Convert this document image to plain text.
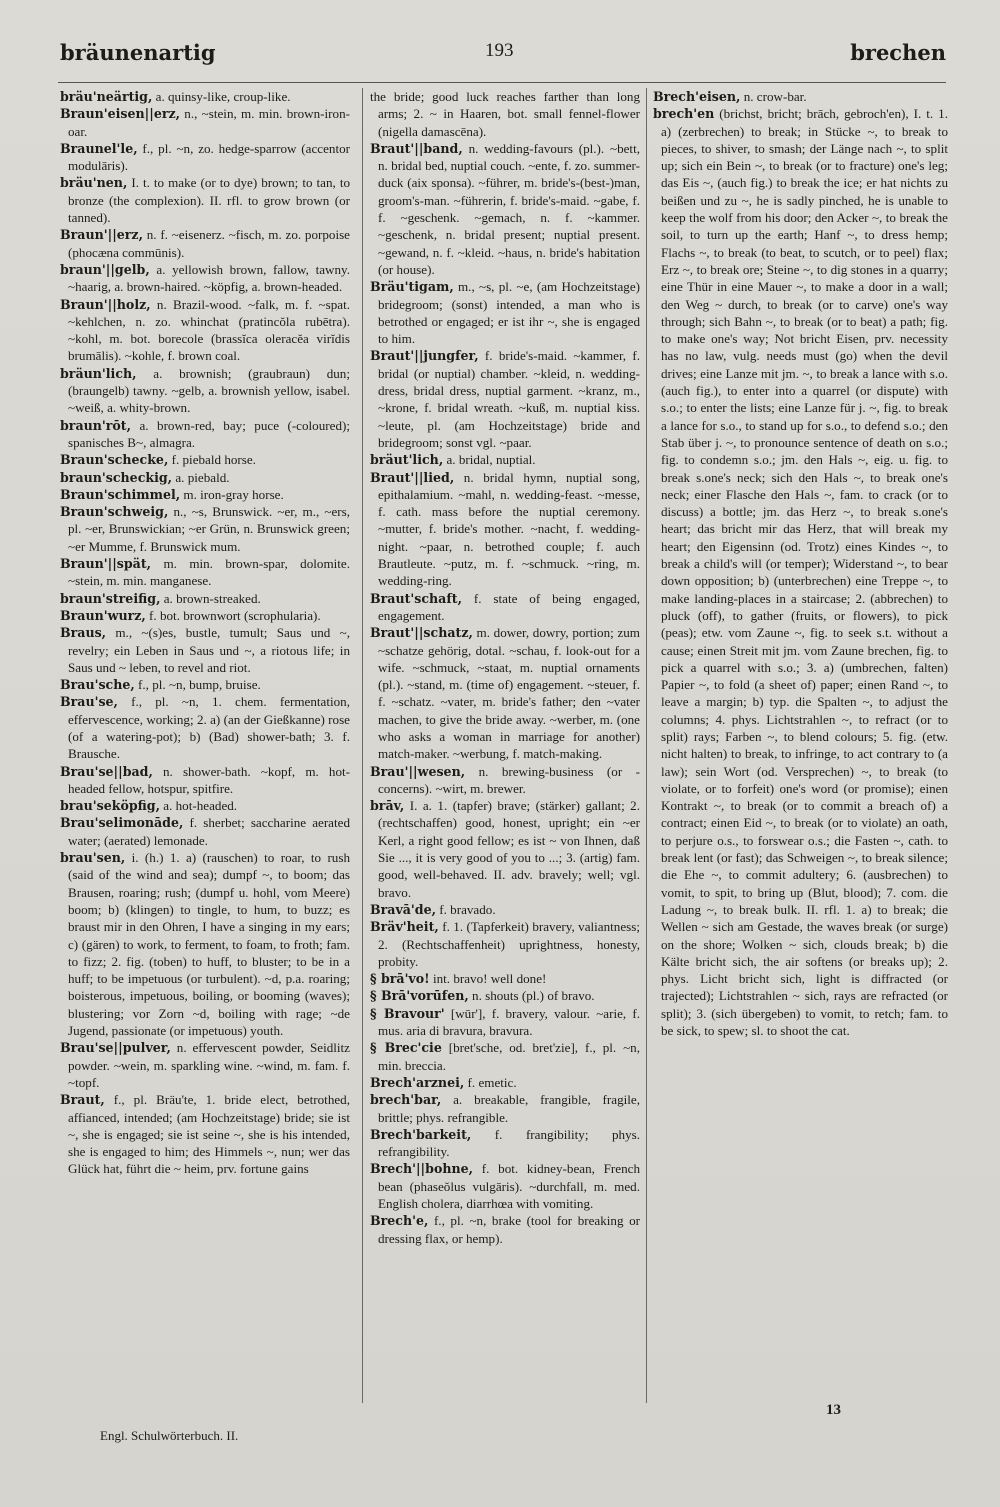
bräunenartig	193	brechen

bräu'neärtig, a. quinsy-like, croup-like.

Braun'eisen||erz, n., ~stein, m. min. brown-iron-oar.

Braunel'le, f., pl. ~n, zo. hedge-sparrow (accentor modulāris).

bräu'nen, I. t. to make (or to dye) brown; to tan, to bronze (the complexion). II. rfl. to grow brown (or tanned).

Braun'||erz, n. f. ~eisenerz. ~fisch, m. zo. porpoise (phocæna commūnis).

braun'||gelb, a. yellowish brown, fallow, tawny. ~haarig, a. brown-haired. ~köpfig, a. brown-headed.

Braun'||holz, n. Brazil-wood. ~falk, m. f. ~spat. ~kehlchen, n. zo. whinchat (pratincŏla rubētra). ~kohl, m. bot. borecole (brassĭca oleracĕa virĭdis brumālis). ~kohle, f. brown coal.

bräun'lich, a. brownish; (graubraun) dun; (braungelb) tawny. ~gelb, a. brownish yellow, isabel. ~weiß, a. whity-brown.

braun'rōt, a. brown-red, bay; puce (-coloured); spanisches B~, almagra.

Braun'schecke, f. piebald horse.

braun'scheckig, a. piebald.

Braun'schimmel, m. iron-gray horse.

Braun'schweig, n., ~s, Brunswick. ~er, m., ~ers, pl. ~er, Brunswickian; ~er Grün, n. Brunswick green; ~er Mumme, f. Brunswick mum.

Braun'||spät, m. min. brown-spar, dolomite. ~stein, m. min. manganese.

braun'streifig, a. brown-streaked.

Braun'wurz, f. bot. brownwort (scrophularia).

Braus, m., ~(s)es, bustle, tumult; Saus und ~, revelry; ein Leben in Saus und ~, a riotous life; in Saus und ~ leben, to revel and riot.

Brau'sche, f., pl. ~n, bump, bruise.

Brau'se, f., pl. ~n, 1. chem. fermentation, effervescence, working; 2. a) (an der Gießkanne) rose (of a watering-pot); b) (Bad) shower-bath; 3. f. Brausche.

Brau'se||bad, n. shower-bath. ~kopf, m. hot-headed fellow, hotspur, spitfire.

brau'seköpfig, a. hot-headed.

Brau'selimonāde, f. sherbet; saccharine aerated water; (aerated) lemonade.

brau'sen, i. (h.) 1. a) (rauschen) to roar, to rush (said of the wind and sea); dumpf ~, to boom; das Brausen, roaring; rush; (dumpf u. hohl, vom Meere) boom; b) (klingen) to tingle, to hum, to buzz; es braust mir in den Ohren, I have a singing in my ears; c) (gären) to work, to ferment, to foam, to froth; fam. to fizz; 2. fig. (toben) to huff, to bluster; to be in a huff; to be impetuous (or turbulent). ~d, p.a. roaring; boisterous, impetuous, boiling, or booming (waves); blustering; vor Zorn ~d, boiling with rage; ~de Jugend, passionate (or impetuous) youth.

Brau'se||pulver, n. effervescent powder, Seidlitz powder. ~wein, m. sparkling wine. ~wind, m. fam. f. ~topf.

Braut, f., pl. Bräu'te, 1. bride elect, betrothed, affianced, intended; (am Hochzeitstage) bride; sie ist ~, she is engaged; sie ist seine ~, she is his intended, she is engaged to him; des Himmels ~, nun; wer das Glück hat, führt die ~ heim, prv. fortune gains

the bride; good luck reaches farther than long arms; 2. ~ in Haaren, bot. small fennel-flower (nigella damascēna).

Braut'||band, n. wedding-favours (pl.). ~bett, n. bridal bed, nuptial couch. ~ente, f. zo. summer-duck (aix sponsa). ~führer, m. bride's-(best-)man, groom's-man. ~führerin, f. bride's-maid. ~gabe, f. f. ~geschenk. ~gemach, n. f. ~kammer. ~geschenk, n. bridal present; nuptial present. ~gewand, n. f. ~kleid. ~haus, n. bride's habitation (or house).

Bräu'tigam, m., ~s, pl. ~e, (am Hochzeitstage) bridegroom; (sonst) intended, a man who is betrothed or engaged; er ist ihr ~, she is engaged to him.

Braut'||jungfer, f. bride's-maid. ~kammer, f. bridal (or nuptial) chamber. ~kleid, n. wedding-dress, bridal dress, nuptial garment. ~kranz, m., ~krone, f. bridal wreath. ~kuß, m. nuptial kiss. ~leute, pl. (am Hochzeitstage) bride and bridegroom; sonst vgl. ~paar.

bräut'lich, a. bridal, nuptial.

Braut'||lied, n. bridal hymn, nuptial song, epithalamium. ~mahl, n. wedding-feast. ~messe, f. cath. mass before the nuptial ceremony. ~mutter, f. bride's mother. ~nacht, f. wedding-night. ~paar, n. betrothed couple; f. auch Brautleute. ~putz, m. f. ~schmuck. ~ring, m. wedding-ring.

Braut'schaft, f. state of being engaged, engagement.

Braut'||schatz, m. dower, dowry, portion; zum ~schatze gehörig, dotal. ~schau, f. look-out for a wife. ~schmuck, ~staat, m. nuptial ornaments (pl.). ~stand, m. (time of) engagement. ~steuer, f. f. ~schatz. ~vater, m. bride's father; den ~vater machen, to give the bride away. ~werber, m. (one who asks a woman in marriage for another) match-maker. ~werbung, f. match-making.

Brau'||wesen, n. brewing-business (or -concerns). ~wirt, m. brewer.

brāv, I. a. 1. (tapfer) brave; (stärker) gallant; 2. (rechtschaffen) good, honest, upright; ein ~er Kerl, a right good fellow; es ist ~ von Ihnen, daß Sie ..., it is very good of you to ...; 3. (artig) fam. good, well-behaved. II. adv. bravely; well; vgl. bravo.

Bravā'de, f. bravado.

Bräv'heit, f. 1. (Tapferkeit) bravery, valiantness; 2. (Rechtschaffenheit) uprightness, honesty, probity.

§ brā'vo! int. bravo! well done!

§ Brā'vorūfen, n. shouts (pl.) of bravo.

§ Bravour' [wūr'], f. bravery, valour. ~arie, f. mus. aria di bravura, bravura.

§ Brec'cie [bret'sche, od. bret'zie], f., pl. ~n, min. breccia.

Brech'arznei, f. emetic.

brech'bar, a. breakable, frangible, fragile, brittle; phys. refrangible.

Brech'barkeit, f. frangibility; phys. refrangibility.

Brech'||bohne, f. bot. kidney-bean, French bean (phaseŏlus vulgāris). ~durchfall, m. med. English cholera, diarrhœa with vomiting.

Brech'e, f., pl. ~n, brake (tool for breaking or dressing flax, or hemp).

Brech'eisen, n. crow-bar.

brech'en (brichst, bricht; brāch, gebroch'en), I. t. 1. a) (zerbrechen) to break; in Stücke ~, to break to pieces, to shiver, to smash; der Länge nach ~, to split up; sich ein Bein ~, to break (or to fracture) one's leg; das Eis ~, (auch fig.) to break the ice; er hat nichts zu beißen und zu ~, he is sadly pinched, he is unable to keep the wolf from his door; den Acker ~, to break the soil, to turn up the earth; Hanf ~, to dress hemp; Flachs ~, to break (to beat, to scutch, or to peel) flax; Erz ~, to break ore; Steine ~, to dig stones in a quarry; eine Thür in eine Mauer ~, to make a door in a wall; den Weg ~ durch, to break (or to carve) one's way through; sich Bahn ~, to break (or to beat) a path; fig. to make one's way; Not bricht Eisen, prv. necessity has no law, vulg. needs must (go) when the devil drives; eine Lanze mit jm. ~, to break a lance with s.o. (auch fig.), to enter into a quarrel (or dispute) with s.o.; to enter the lists; eine Lanze für j. ~, fig. to break a lance for s.o., to stand up for s.o., to defend s.o.; den Stab über j. ~, to pronounce sentence of death on s.o.; fig. to condemn s.o.; jm. den Hals ~, eig. u. fig. to break s.one's neck; sich den Hals ~, to break one's neck; einer Flasche den Hals ~, fam. to crack (or to discuss) a bottle; jm. das Herz ~, to break s.one's heart; das bricht mir das Herz, that will break my heart; den Eigensinn (od. Trotz) eines Kindes ~, to break a child's will (or temper); Widerstand ~, to bear down opposition; b) (unterbrechen) eine Treppe ~, to make landing-places in a staircase; 2. (abbrechen) to pluck (off), to gather (fruits, or flowers), to pick (peas); etw. vom Zaune ~, fig. to seek s.t. without a cause; einen Streit mit jm. vom Zaune brechen, fig. to pick a quarrel with s.o.; 3. a) (umbrechen, falten) Papier ~, to fold (a sheet of) paper; einen Rand ~, to leave a margin; b) typ. die Spalten ~, to adjust the columns; 4. phys. Lichtstrahlen ~, to refract (or to split) rays; Farben ~, to blend colours; 5. fig. (etw. nicht halten) to break, to infringe, to act contrary to (a law); sein Wort (od. Versprechen) ~, to break (to violate, or to forfeit) one's word (or promise); einen Kontrakt ~, to break (or to commit a breach of) a contract; einen Eid ~, to break (or to violate) an oath, to perjure o.s., to forswear o.s.; die Fasten ~, cath. to break lent (or fast); das Schweigen ~, to break silence; die Ehe ~, to commit adultery; 6. (ausbrechen) to vomit, to spit, to bring up (Blut, blood); 7. com. die Ladung ~, to break bulk. II. rfl. 1. a) to break; die Wellen ~ sich am Gestade, the waves break (or surge) on the shore; Wolken ~ sich, clouds break; b) die Kälte bricht sich, the air softens (or breaks up); 2. phys. Licht bricht sich, light is diffracted (or trajected); Lichtstrahlen ~ sich, rays are refracted (or split); 3. (sich übergeben) to vomit, to retch; fam. to be sick, to spew; sl. to shoot the cat.

13
Engl. Schulwörterbuch. II.
